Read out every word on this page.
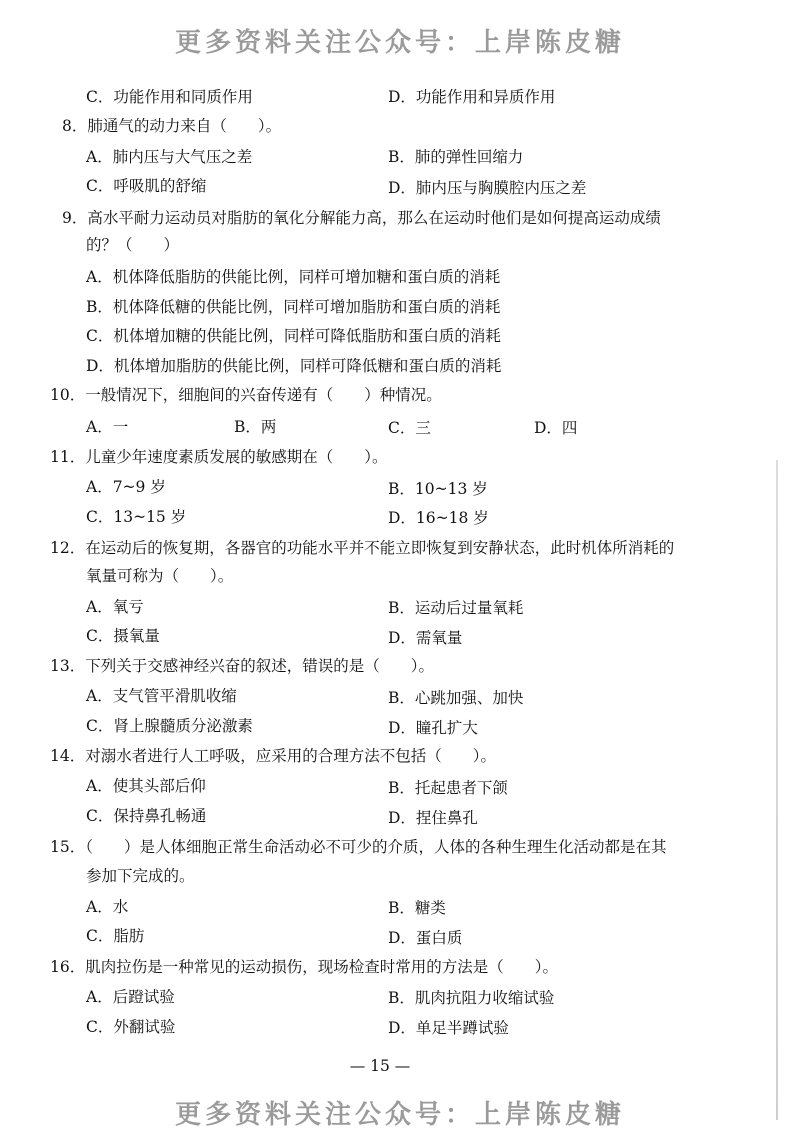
更多资料关注公众号：上岸陈皮糖
C．功能作用和同质作用	D．功能作用和异质作用
8．肺通气的动力来自（　　）。
A．肺内压与大气压之差	B．肺的弹性回缩力
C．呼吸肌的舒缩	D．肺内压与胸膜腔内压之差
9．高水平耐力运动员对脂肪的氧化分解能力高，那么在运动时他们是如何提高运动成绩
的？（　　）
A．机体降低脂肪的供能比例，同样可增加糖和蛋白质的消耗
B．机体降低糖的供能比例，同样可增加脂肪和蛋白质的消耗
C．机体增加糖的供能比例，同样可降低脂肪和蛋白质的消耗
D．机体增加脂肪的供能比例，同样可降低糖和蛋白质的消耗
10．一般情况下，细胞间的兴奋传递有（　　）种情况。
A．一	B．两	C．三	D．四
11．儿童少年速度素质发展的敏感期在（　　）。
A．7~9 岁	B．10~13 岁
C．13~15 岁	D．16~18 岁
12．在运动后的恢复期，各器官的功能水平并不能立即恢复到安静状态，此时机体所消耗的
氧量可称为（　　）。
A．氧亏	B．运动后过量氧耗
C．摄氧量	D．需氧量
13．下列关于交感神经兴奋的叙述，错误的是（　　）。
A．支气管平滑肌收缩	B．心跳加强、加快
C．肾上腺髓质分泌激素	D．瞳孔扩大
14．对溺水者进行人工呼吸，应采用的合理方法不包括（　　）。
A．使其头部后仰	B．托起患者下颌
C．保持鼻孔畅通	D．捏住鼻孔
15．（　　）是人体细胞正常生命活动必不可少的介质，人体的各种生理生化活动都是在其
参加下完成的。
A．水	B．糖类
C．脂肪	D．蛋白质
16．肌肉拉伤是一种常见的运动损伤，现场检查时常用的方法是（　　）。
A．后蹬试验	B．肌肉抗阻力收缩试验
C．外翻试验	D．单足半蹲试验
— 15 —
更多资料关注公众号：上岸陈皮糖
